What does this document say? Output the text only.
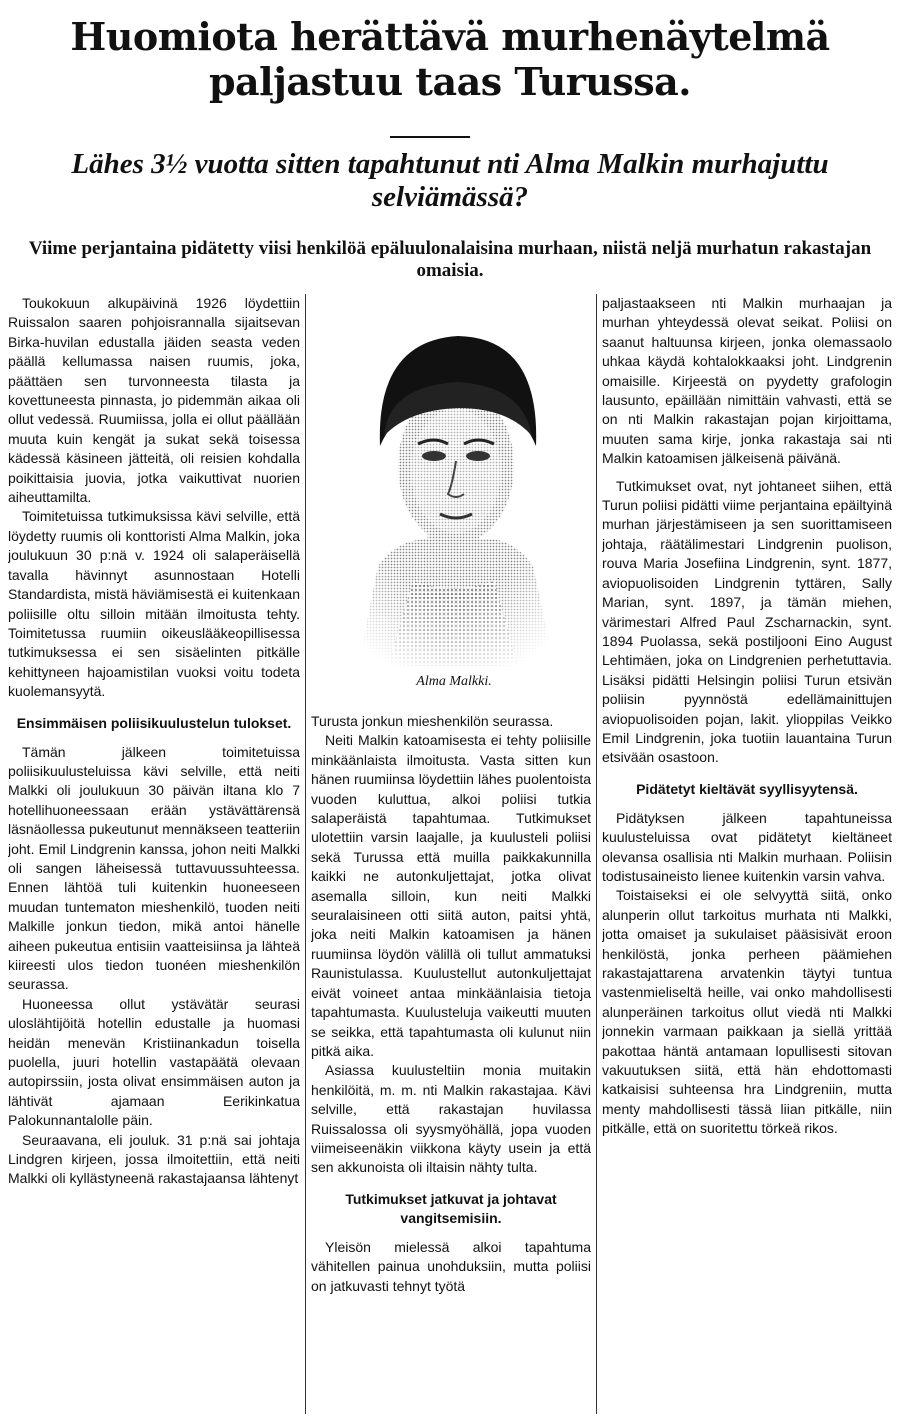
Huomiota herättävä murhenäytelmä paljastuu taas Turussa.
Lähes 3½ vuotta sitten tapahtunut nti Alma Malkin murhajuttu selviämässä?

Viime perjantaina pidätetty viisi henkilöä epäluulonalaisina murhaan, niistä neljä murhatun rakastajan omaisia.

Toukokuun alkupäivinä 1926 löydettiin Ruissalon saaren pohjoisrannalla sijaitsevan Birka-huvilan edustalla jäiden seasta veden päällä kellumassa naisen ruumis, joka, päättäen sen turvonneesta tilasta ja kovettuneesta pinnasta, jo pidemmän aikaa oli ollut vedessä. Ruumiissa, jolla ei ollut päällään muuta kuin kengät ja sukat sekä toisessa kädessä käsineen jätteitä, oli reisien kohdalla poikittaisia juovia, jotka vaikuttivat nuorien aiheuttamilta.

Toimitetuissa tutkimuksissa kävi selville, että löydetty ruumis oli konttoristi Alma Malkin, joka joulukuun 30 p:nä v. 1924 oli salaperäisellä tavalla hävinnyt asunnostaan Hotelli Standardista, mistä häviämisestä ei kuitenkaan poliisille oltu silloin mitään ilmoitusta tehty. Toimitetussa ruumiin oikeuslääkeopillisessa tutkimuksessa ei sen sisäelinten pitkälle kehittyneen hajoamistilan vuoksi voitu todeta kuolemansyytä.

Ensimmäisen poliisikuulustelun tulokset.

Tämän jälkeen toimitetuissa poliisikuulusteluissa kävi selville, että neiti Malkki oli joulukuun 30 päivän iltana klo 7 hotellihuoneessaan erään ystävättärensä läsnäollessa pukeutunut mennäkseen teatteriin joht. Emil Lindgrenin kanssa, johon neiti Malkki oli sangen läheisessä tuttavuussuhteessa. Ennen lähtöä tuli kuitenkin huoneeseen muudan tuntematon mieshenkilö, tuoden neiti Malkille jonkun tiedon, mikä antoi hänelle aiheen pukeutua entisiin vaatteisiinsa ja lähteä kiireesti ulos tiedon tuonéen mieshenkilön seurassa.

Huoneessa ollut ystävätär seurasi uloslähtijöitä hotellin edustalle ja huomasi heidän menevän Kristiinankadun toisella puolella, juuri hotellin vastapäätä olevaan autopirssiin, josta olivat ensimmäisen auton ja lähtivät ajamaan Eerikinkatua Palokunnantalolle päin.

Seuraavana, eli jouluk. 31 p:nä sai johtaja Lindgren kirjeen, jossa ilmoitettiin, että neiti Malkki oli kyllästyneenä rakastajaansa lähtenyt

Alma Malkki.

Turusta jonkun mieshenkilön seurassa.

Neiti Malkin katoamisesta ei tehty poliisille minkäänlaista ilmoitusta. Vasta sitten kun hänen ruumiinsa löydettiin lähes puolentoista vuoden kuluttua, alkoi poliisi tutkia salaperäistä tapahtumaa. Tutkimukset ulotettiin varsin laajalle, ja kuulusteli poliisi sekä Turussa että muilla paikkakunnilla kaikki ne autonkuljettajat, jotka olivat asemalla silloin, kun neiti Malkki seuralaisineen otti siitä auton, paitsi yhtä, joka neiti Malkin katoamisen ja hänen ruumiinsa löydön välillä oli tullut ammatuksi Raunistulassa. Kuulustellut autonkuljettajat eivät voineet antaa minkäänlaisia tietoja tapahtumasta. Kuulusteluja vaikeutti muuten se seikka, että tapahtumasta oli kulunut niin pitkä aika.

Asiassa kuulusteltiin monia muitakin henkilöitä, m. m. nti Malkin rakastajaa. Kävi selville, että rakastajan huvilassa Ruissalossa oli syysmyöhällä, jopa vuoden viimeiseenäkin viikkona käyty usein ja että sen akkunoista oli iltaisin nähty tulta.

Tutkimukset jatkuvat ja johtavat vangitsemisiin.

Yleisön mielessä alkoi tapahtuma vähitellen painua unohduksiin, mutta poliisi on jatkuvasti tehnyt työtä

paljastaakseen nti Malkin murhaajan ja murhan yhteydessä olevat seikat. Poliisi on saanut haltuunsa kirjeen, jonka olemassaolo uhkaa käydä kohtalokkaaksi joht. Lindgrenin omaisille. Kirjeestä on pyydetty grafologin lausunto, epäillään nimittäin vahvasti, että se on nti Malkin rakastajan pojan kirjoittama, muuten sama kirje, jonka rakastaja sai nti Malkin katoamisen jälkeisenä päivänä.

Tutkimukset ovat, nyt johtaneet siihen, että Turun poliisi pidätti viime perjantaina epäiltyinä murhan järjestämiseen ja sen suorittamiseen johtaja, räätälimestari Lindgrenin puolison, rouva Maria Josefiina Lindgrenin, synt. 1877, aviopuolisoiden Lindgrenin tyttären, Sally Marian, synt. 1897, ja tämän miehen, värimestari Alfred Paul Zscharnackin, synt. 1894 Puolassa, sekä postiljooni Eino August Lehtimäen, joka on Lindgrenien perhetuttavia. Lisäksi pidätti Helsingin poliisi Turun etsivän poliisin pyynnöstä edellämainittujen aviopuolisoiden pojan, lakit. ylioppilas Veikko Emil Lindgrenin, joka tuotiin lauantaina Turun etsivään osastoon.

Pidätetyt kieltävät syyllisyytensä.

Pidätyksen jälkeen tapahtuneissa kuulusteluissa ovat pidätetyt kieltäneet olevansa osallisia nti Malkin murhaan. Poliisin todistusaineisto lienee kuitenkin varsin vahva.

Toistaiseksi ei ole selvyyttä siitä, onko alunperin ollut tarkoitus murhata nti Malkki, jotta omaiset ja sukulaiset pääsisivät eroon henkilöstä, jonka perheen päämiehen rakastajattarena arvatenkin täytyi tuntua vastenmieliseltä heille, vai onko mahdollisesti alunperäinen tarkoitus ollut viedä nti Malkki jonnekin varmaan paikkaan ja siellä yrittää pakottaa häntä antamaan lopullisesti sitovan vakuutuksen siitä, että hän ehdottomasti katkaisisi suhteensa hra Lindgreniin, mutta menty mahdollisesti tässä liian pitkälle, niin pitkälle, että on suoritettu törkeä rikos.
